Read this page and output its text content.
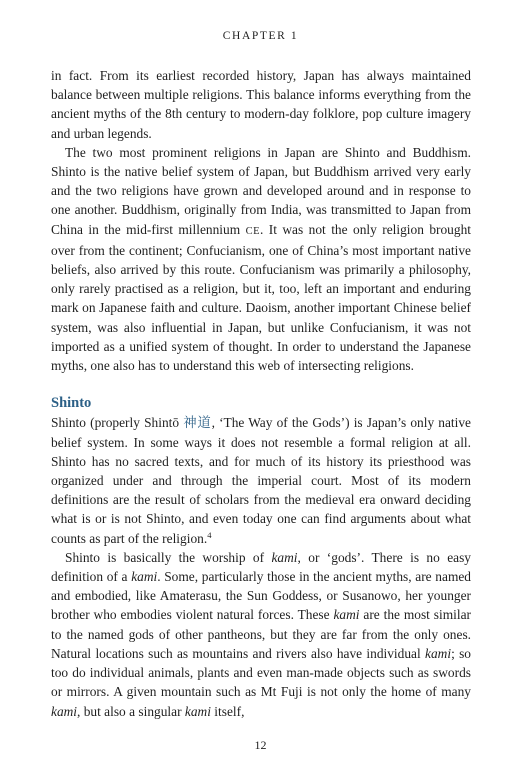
CHAPTER 1

in fact. From its earliest recorded history, Japan has always maintained balance between multiple religions. This balance informs everything from the ancient myths of the 8th century to modern-day folklore, pop culture imagery and urban legends.

The two most prominent religions in Japan are Shinto and Buddhism. Shinto is the native belief system of Japan, but Buddhism arrived very early and the two religions have grown and developed around and in response to one another. Buddhism, originally from India, was transmitted to Japan from China in the mid-first millennium CE. It was not the only religion brought over from the continent; Confucianism, one of China’s most important native beliefs, also arrived by this route. Confucianism was primarily a philosophy, only rarely practised as a religion, but it, too, left an important and enduring mark on Japanese faith and culture. Daoism, another important Chinese belief system, was also influential in Japan, but unlike Confucianism, it was not imported as a unified system of thought. In order to understand the Japanese myths, one also has to understand this web of intersecting religions.

Shinto

Shinto (properly Shintō 神道, ‘The Way of the Gods’) is Japan’s only native belief system. In some ways it does not resemble a formal religion at all. Shinto has no sacred texts, and for much of its history its priesthood was organized under and through the imperial court. Most of its modern definitions are the result of scholars from the medieval era onward deciding what is or is not Shinto, and even today one can find arguments about what counts as part of the religion.$^4$

Shinto is basically the worship of kami, or ‘gods’. There is no easy definition of a kami. Some, particularly those in the ancient myths, are named and embodied, like Amaterasu, the Sun Goddess, or Susanowo, her younger brother who embodies violent natural forces. These kami are the most similar to the named gods of other pantheons, but they are far from the only ones. Natural locations such as mountains and rivers also have individual kami; so too do individual animals, plants and even man-made objects such as swords or mirrors. A given mountain such as Mt Fuji is not only the home of many kami, but also a singular kami itself,

12
